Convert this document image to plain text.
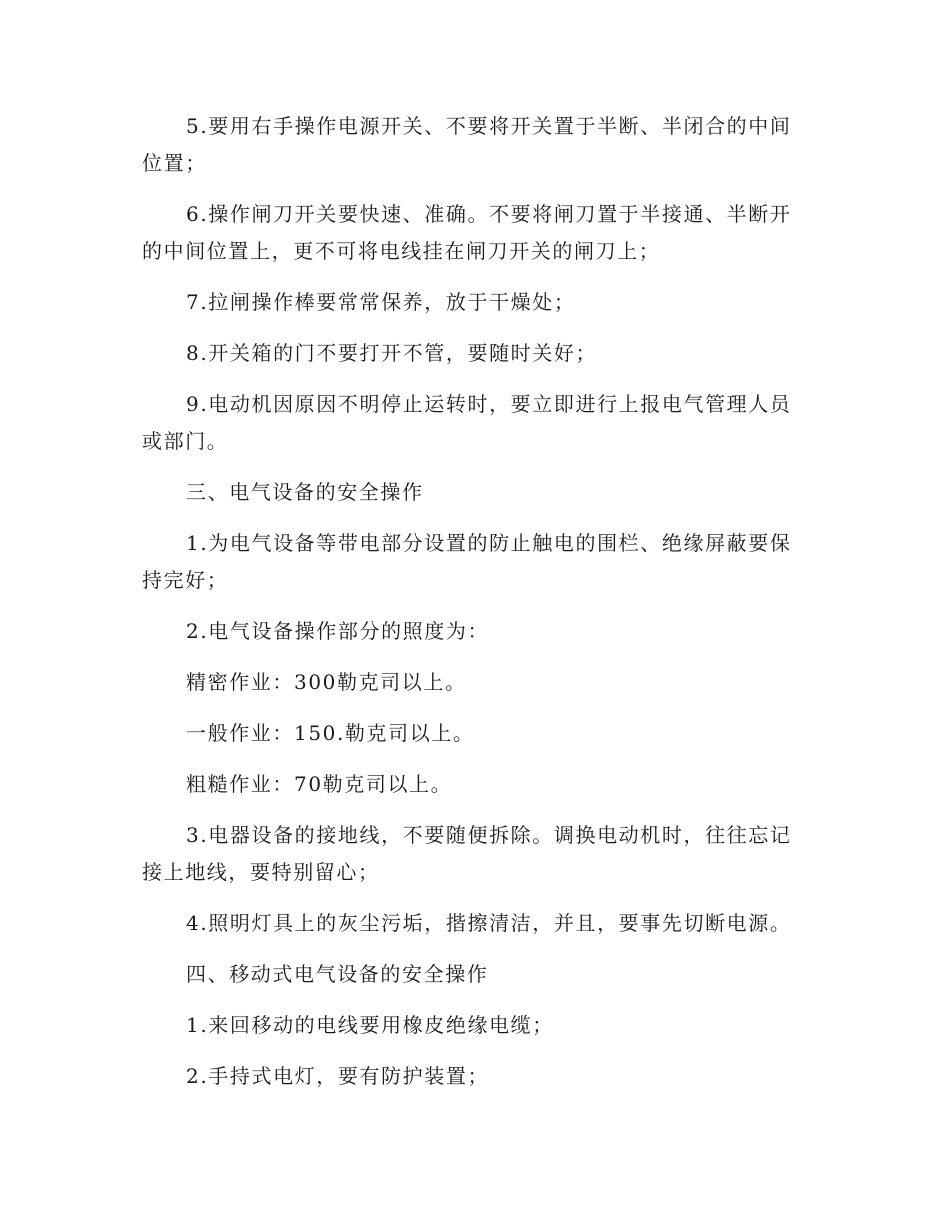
5.要用右手操作电源开关、不要将开关置于半断、半闭合的中间位置；

6.操作闸刀开关要快速、准确。不要将闸刀置于半接通、半断开的中间位置上，更不可将电线挂在闸刀开关的闸刀上；

7.拉闸操作棒要常常保养，放于干燥处；

8.开关箱的门不要打开不管，要随时关好；

9.电动机因原因不明停止运转时，要立即进行上报电气管理人员或部门。

三、电气设备的安全操作

1.为电气设备等带电部分设置的防止触电的围栏、绝缘屏蔽要保持完好；

2.电气设备操作部分的照度为：

精密作业：300勒克司以上。

一般作业：150.勒克司以上。

粗糙作业：70勒克司以上。

3.电器设备的接地线，不要随便拆除。调换电动机时，往往忘记接上地线，要特别留心；

4.照明灯具上的灰尘污垢，揩擦清洁，并且，要事先切断电源。

四、移动式电气设备的安全操作

1.来回移动的电线要用橡皮绝缘电缆；

2.手持式电灯，要有防护装置；
